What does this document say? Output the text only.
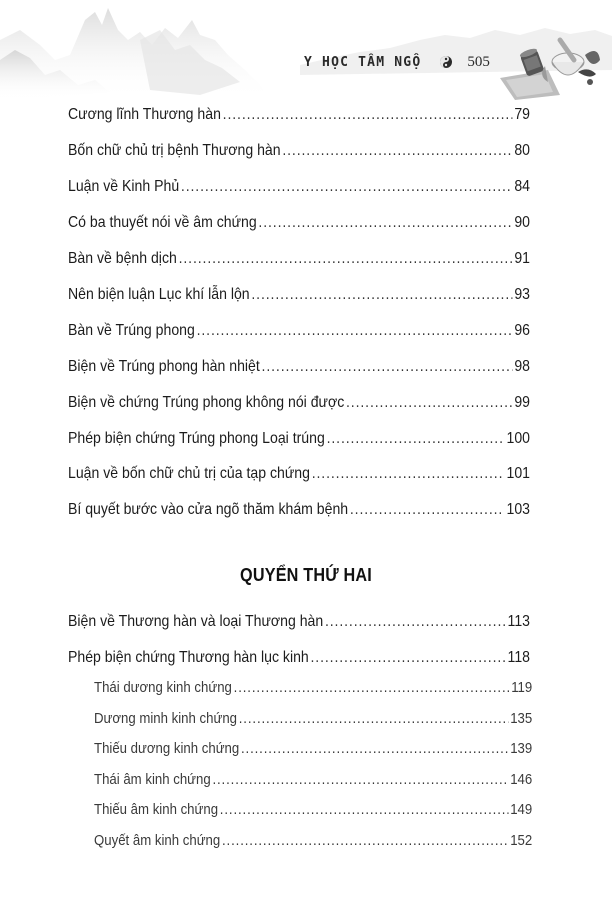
Y HỌC TÂM NGỘ	505
Cương lĩnh Thương hàn .....	79
Bốn chữ chủ trị bệnh Thương hàn .....	80
Luận về Kinh Phủ .....	84
Có ba thuyết nói về âm chứng .....	90
Bàn về bệnh dịch .....	91
Nên biện luận Lục khí lẫn lộn .....	93
Bàn về Trúng phong .....	96
Biện về Trúng phong hàn nhiệt .....	98
Biện về chứng Trúng phong không nói được .....	99
Phép biện chứng Trúng phong Loại trúng .....	100
Luận về bốn chữ chủ trị của tạp chứng .....	101
Bí quyết bước vào cửa ngõ thăm khám bệnh .....	103
Biện về Thương hàn và loại Thương hàn .....	113
Phép biện chứng Thương hàn lục kinh .....	118
QUYỂN THỨ HAI
Thái dương kinh chứng .....	119
Dương minh kinh chứng .....	135
Thiếu dương kinh chứng .....	139
Thái âm kinh chứng .....	146
Thiếu âm kinh chứng .....	149
Quyết âm kinh chứng .....	152
